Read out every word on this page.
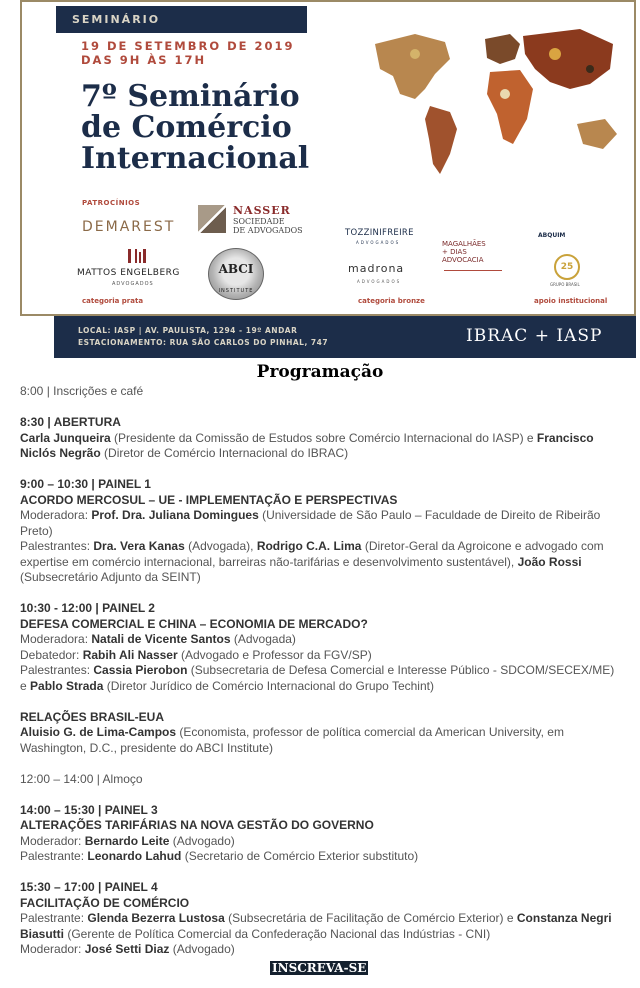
SEMINÁRIO
19 DE SETEMBRO DE 2019
DAS 9H ÀS 17H
7º Seminário
de Comércio
Internacional
PATROCÍNIOS
DEMAREST
NASSER
SOCIEDADE
DE ADVOGADOS
MATTOS ENGELBERG
ADVOGADOS
categoria prata
ABCI
INSTITUTE
TOZZINIFREIRE
ADVOGADOS
madrona
ADVOGADOS
categoria bronze
MAGALHÃES
+ DIAS
ADVOCACIA
ABQUIM
25
GRUPO BRASIL
apoio institucional
LOCAL: IASP | AV. PAULISTA, 1294 - 19º ANDAR
ESTACIONAMENTO: RUA SÃO CARLOS DO PINHAL, 747	IBRAC + IASP
Programação

8:00 | Inscrições e café

8:30 | ABERTURA

Carla Junqueira (Presidente da Comissão de Estudos sobre Comércio Internacional do IASP) e Francisco Niclós Negrão (Diretor de Comércio Internacional do IBRAC)

9:00 – 10:30 | PAINEL 1

ACORDO MERCOSUL – UE - IMPLEMENTAÇÃO E PERSPECTIVAS

Moderadora: Prof. Dra. Juliana Domingues (Universidade de São Paulo – Faculdade de Direito de Ribeirão Preto)

Palestrantes: Dra. Vera Kanas (Advogada), Rodrigo C.A. Lima (Diretor-Geral da Agroicone e advogado com expertise em comércio internacional, barreiras não-tarifárias e desenvolvimento sustentável), João Rossi (Subsecretário Adjunto da SEINT)

10:30 - 12:00 | PAINEL 2

DEFESA COMERCIAL E CHINA – ECONOMIA DE MERCADO?

Moderadora: Natali de Vicente Santos (Advogada)

Debatedor: Rabih Ali Nasser (Advogado e Professor da FGV/SP)

Palestrantes: Cassia Pierobon (Subsecretaria de Defesa Comercial e Interesse Público - SDCOM/SECEX/ME)

e Pablo Strada (Diretor Jurídico de Comércio Internacional do Grupo Techint)

RELAÇÕES BRASIL-EUA

Aluisio G. de Lima-Campos (Economista, professor de política comercial da American University, em Washington, D.C., presidente do ABCI Institute)

12:00 – 14:00 | Almoço

14:00 – 15:30 | PAINEL 3

ALTERAÇÕES TARIFÁRIAS NA NOVA GESTÃO DO GOVERNO

Moderador: Bernardo Leite (Advogado)

Palestrante: Leonardo Lahud (Secretario de Comércio Exterior substituto)

15:30 – 17:00 | PAINEL 4

FACILITAÇÃO DE COMÉRCIO

Palestrante: Glenda Bezerra Lustosa (Subsecretária de Facilitação de Comércio Exterior) e Constanza Negri Biasutti (Gerente de Política Comercial da Confederação Nacional das Indústrias - CNI)

Moderador: José Setti Diaz (Advogado)

INSCREVA-SE
